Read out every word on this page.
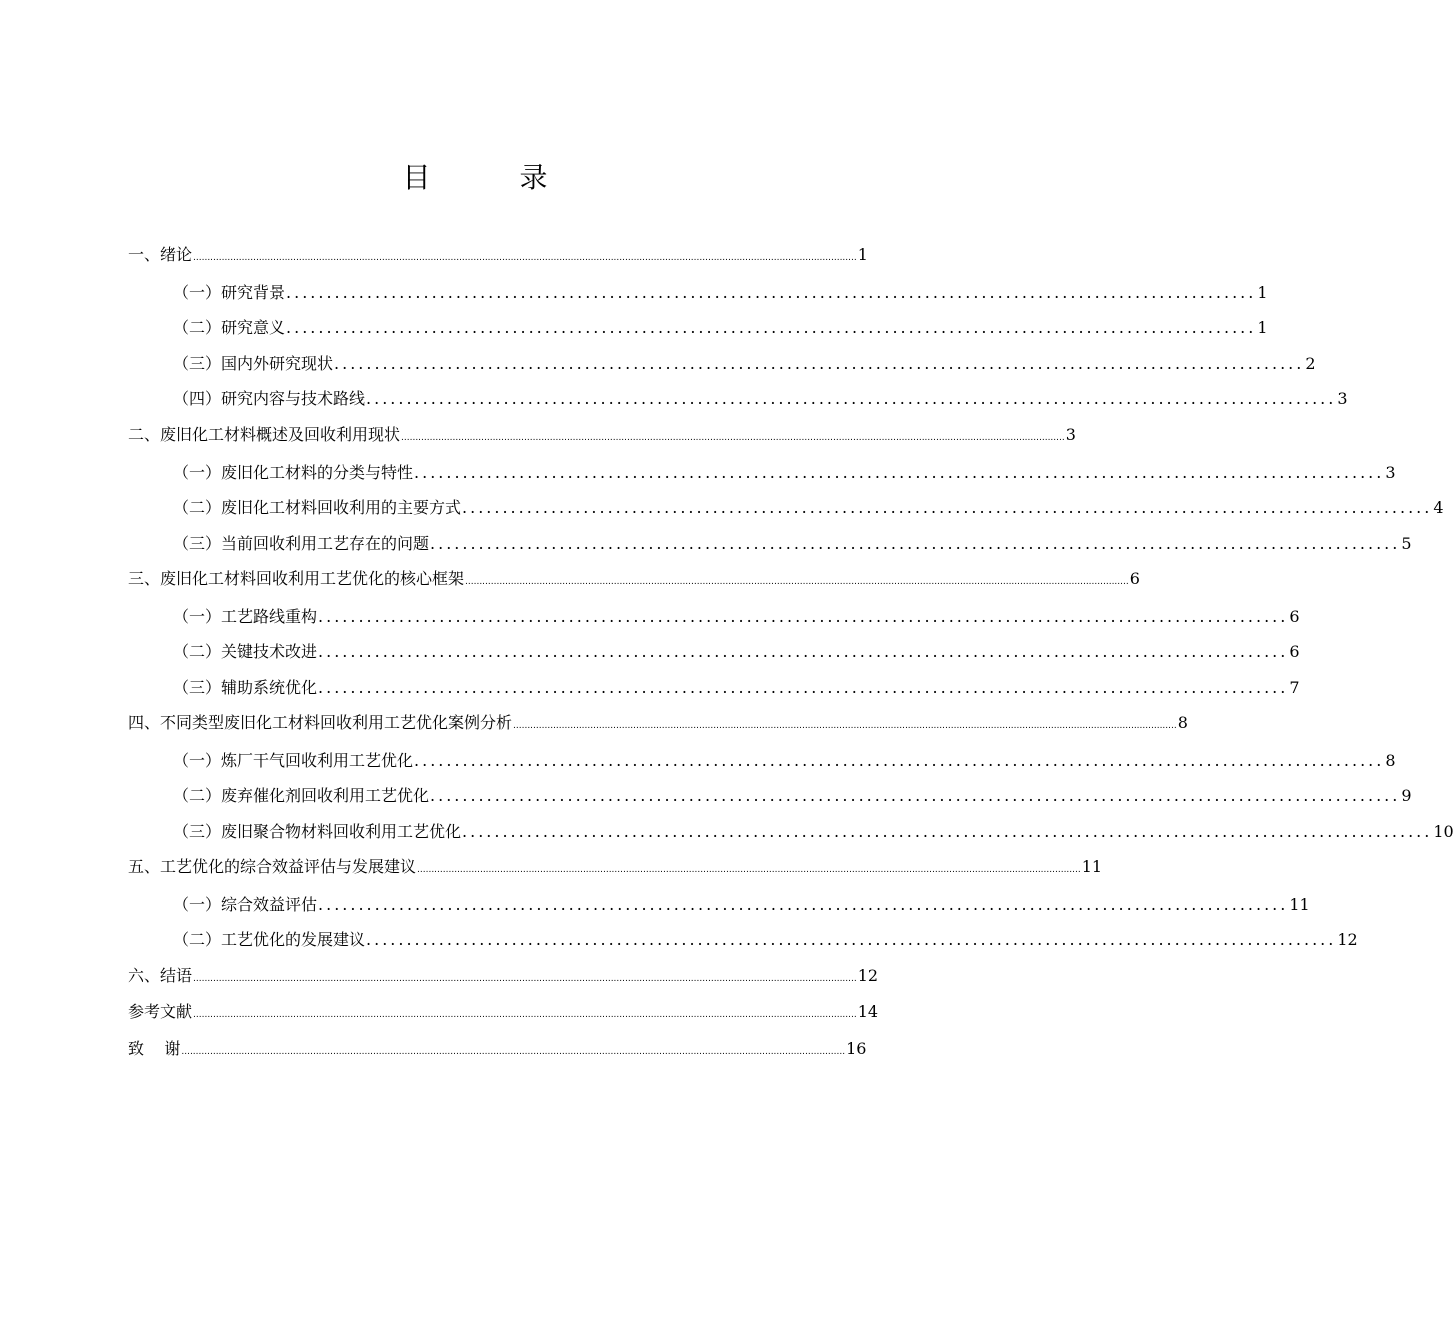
目 录
一、绪论 ........................................................................................................................................................................................................................................ 1
（一）研究背景 ........................................................................................................................ 1
（二）研究意义 ........................................................................................................................ 1
（三）国内外研究现状 ........................................................................................................................ 2
（四）研究内容与技术路线 ........................................................................................................................ 3
二、废旧化工材料概述及回收利用现状 ........................................................................................................................................................................................................................................ 3
（一）废旧化工材料的分类与特性 ........................................................................................................................ 3
（二）废旧化工材料回收利用的主要方式 ........................................................................................................................ 4
（三）当前回收利用工艺存在的问题 ........................................................................................................................ 5
三、废旧化工材料回收利用工艺优化的核心框架 ........................................................................................................................................................................................................................................ 6
（一）工艺路线重构 ........................................................................................................................ 6
（二）关键技术改进 ........................................................................................................................ 6
（三）辅助系统优化 ........................................................................................................................ 7
四、不同类型废旧化工材料回收利用工艺优化案例分析 ........................................................................................................................................................................................................................................ 8
（一）炼厂干气回收利用工艺优化 ........................................................................................................................ 8
（二）废弃催化剂回收利用工艺优化 ........................................................................................................................ 9
（三）废旧聚合物材料回收利用工艺优化 ........................................................................................................................ 10
五、工艺优化的综合效益评估与发展建议 ........................................................................................................................................................................................................................................ 11
（一）综合效益评估 ........................................................................................................................ 11
（二）工艺优化的发展建议 ........................................................................................................................ 12
六、结语 ........................................................................................................................................................................................................................................ 12
参考文献 ........................................................................................................................................................................................................................................ 14
致    谢 ........................................................................................................................................................................................................................................ 16
